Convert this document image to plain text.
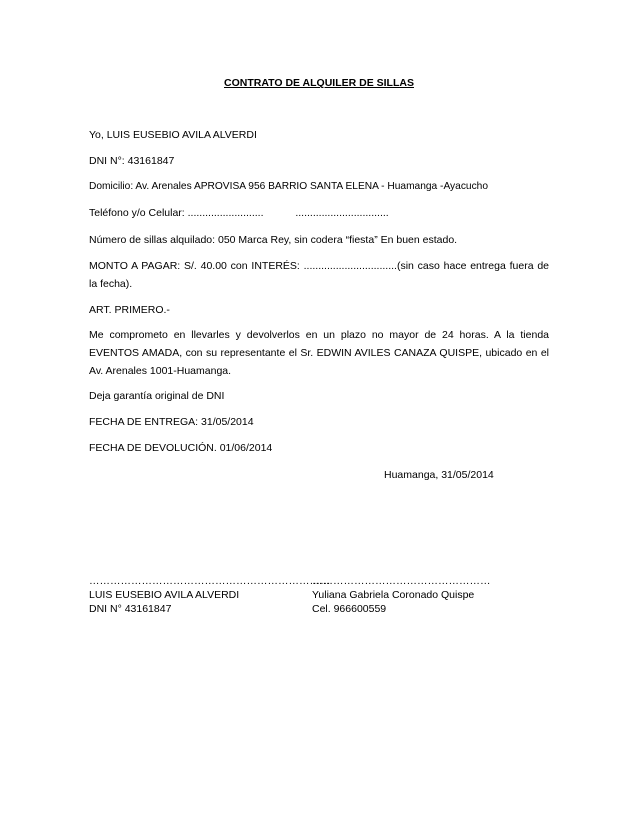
CONTRATO DE ALQUILER DE SILLAS
Yo, LUIS EUSEBIO AVILA ALVERDI
DNI N°: 43161847
Domicilio: Av. Arenales APROVISA 956 BARRIO SANTA ELENA - Huamanga -Ayacucho
Teléfono y/o Celular: ..........................	................................
Número de sillas alquilado: 050 Marca Rey, sin codera “fiesta” En buen estado.
MONTO A PAGAR: S/. 40.00 con INTERÉS: ................................(sin caso hace entrega fuera de la fecha).
ART. PRIMERO.-
Me comprometo en llevarles y devolverlos en un plazo no mayor de 24 horas. A la tienda EVENTOS AMADA, con su representante el Sr. EDWIN AVILES CANAZA QUISPE, ubicado en el Av. Arenales 1001-Huamanga.
Deja garantía original de DNI
FECHA DE ENTREGA: 31/05/2014
FECHA DE DEVOLUCIÓN. 01/06/2014
Huamanga, 31/05/2014
……………………………………………………………
LUIS EUSEBIO AVILA ALVERDI
DNI N° 43161847
……………………………………………
Yuliana Gabriela Coronado Quispe
Cel. 966600559
